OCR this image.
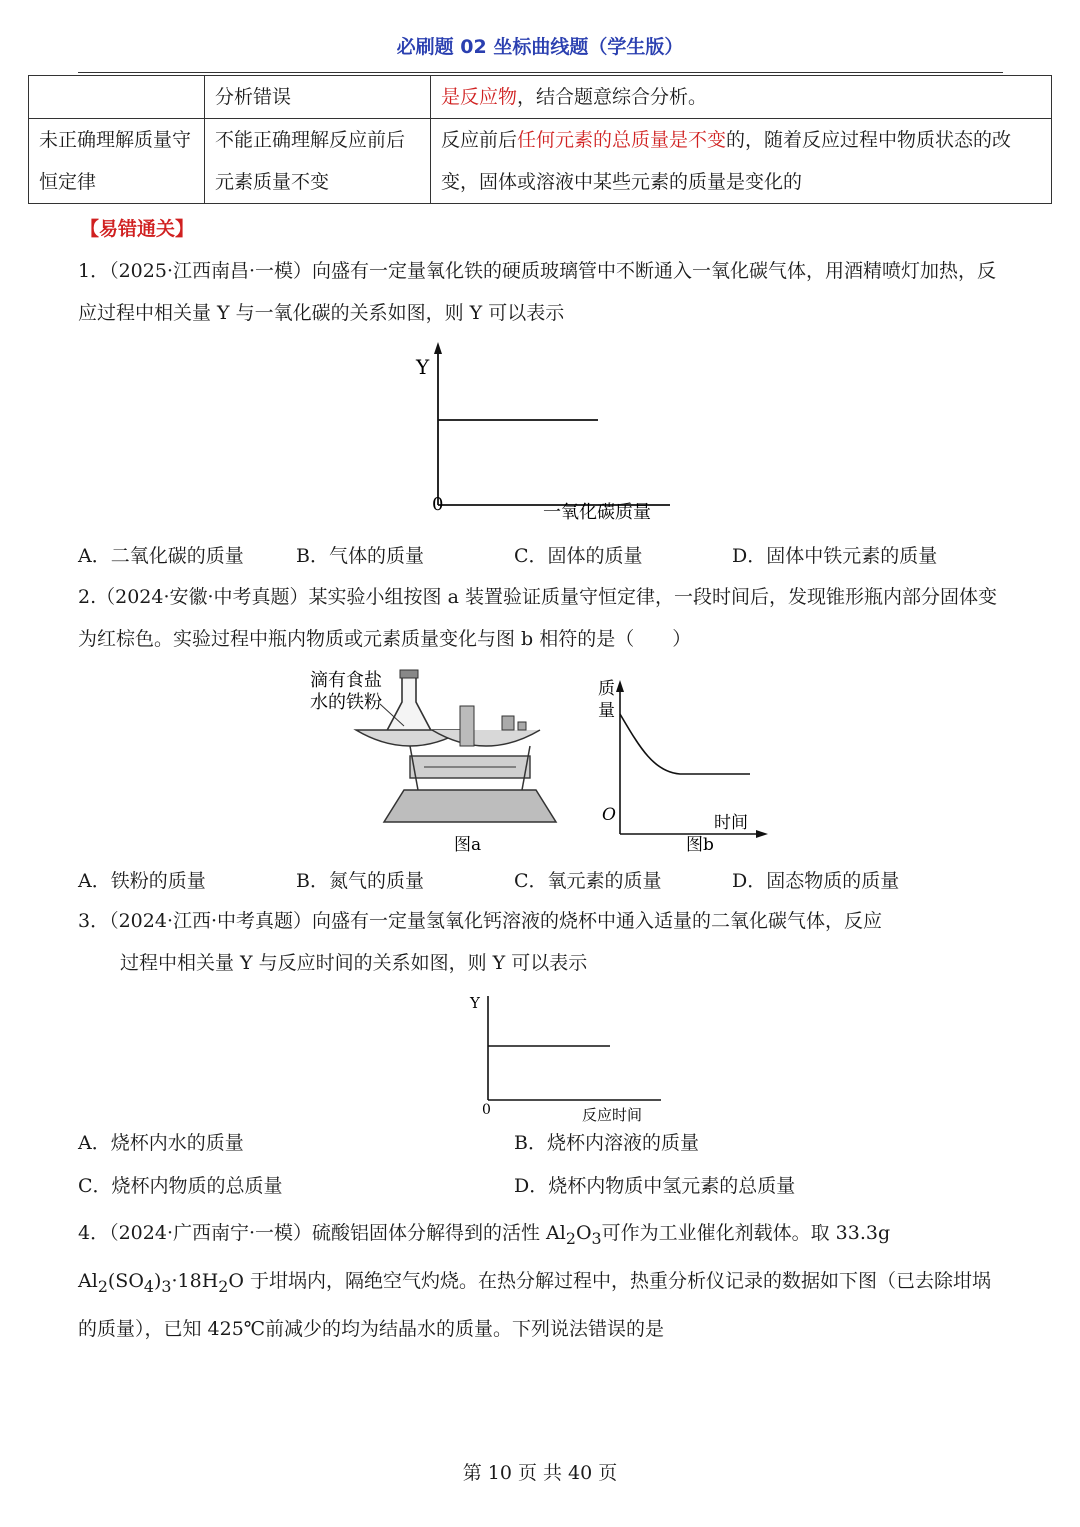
必刷题 02 坐标曲线题（学生版）
	分析错误	是反应物，结合题意综合分析。
未正确理解质量守恒定律	不能正确理解反应前后元素质量不变	反应前后任何元素的总质量是不变的，随着反应过程中物质状态的改变，固体或溶液中某些元素的质量是变化的
【易错通关】
1．（2025·江西南昌·一模）向盛有一定量氧化铁的硬质玻璃管中不断通入一氧化碳气体，用酒精喷灯加热，反应过程中相关量 Y 与一氧化碳的关系如图，则 Y 可以表示
Y
0	一氧化碳质量
A．二氧化碳的质量	B．气体的质量	C．固体的质量	D．固体中铁元素的质量
2.（2024·安徽·中考真题）某实验小组按图 a 装置验证质量守恒定律，一段时间后，发现锥形瓶内部分固体变为红棕色。实验过程中瓶内物质或元素质量变化与图 b 相符的是（　　）
滴有食盐
水的铁粉
图a
质
量
O	时间
图b
A．铁粉的质量	B．氮气的质量	C．氧元素的质量	D．固态物质的质量
3．（2024·江西·中考真题）向盛有一定量氢氧化钙溶液的烧杯中通入适量的二氧化碳气体，反应
过程中相关量 Y 与反应时间的关系如图，则 Y 可以表示
Y
0	反应时间
A．烧杯内水的质量	B．烧杯内溶液的质量
C．烧杯内物质的总质量	D．烧杯内物质中氢元素的总质量
4．（2024·广西南宁·一模）硫酸铝固体分解得到的活性 $Al_2O_3$可作为工业催化剂载体。取 33.3g
$Al_2(SO_4)_3\cdot 18H_2O$ 于坩埚内，隔绝空气灼烧。在热分解过程中，热重分析仪记录的数据如下图（已去除坩埚的质量），已知 425℃前减少的均为结晶水的质量。下列说法错误的是
第 10 页 共 40 页
